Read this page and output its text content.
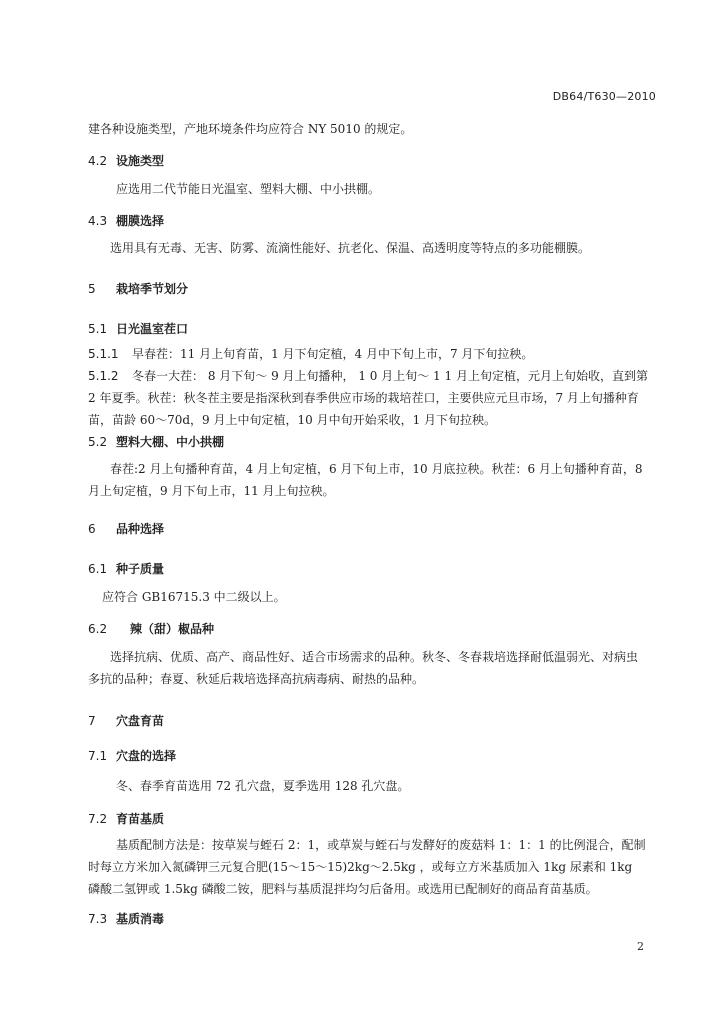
DB64/T630—2010

建各种设施类型，产地环境条件均应符合 NY 5010 的规定。

4.2 设施类型

应选用二代节能日光温室、塑料大棚、中小拱棚。

4.3 棚膜选择

选用具有无毒、无害、防雾、流滴性能好、抗老化、保温、高透明度等特点的多功能棚膜。

5 栽培季节划分
5.1 日光温室茬口

5.1.1 早春茬：11 月上旬育苗，1 月下旬定植，4 月中下旬上市，7 月下旬拉秧。

5.1.2 冬春一大茬： 8 月下旬～ 9 月上旬播种， 1 0 月上旬～ 1 1 月上旬定植，元月上旬始收，直到第 2 年夏季。秋茬：秋冬茬主要是指深秋到春季供应市场的栽培茬口，主要供应元旦市场，7 月上旬播种育苗，苗龄 60～70d，9 月上中旬定植，10 月中旬开始采收，1 月下旬拉秧。

5.2 塑料大棚、中小拱棚

春茬:2 月上旬播种育苗，4 月上旬定植，6 月下旬上市，10 月底拉秧。秋茬：6 月上旬播种育苗，8 月上旬定植，9 月下旬上市，11 月上旬拉秧。

6 品种选择
6.1 种子质量

应符合 GB16715.3 中二级以上。

6.2 辣（甜）椒品种

选择抗病、优质、高产、商品性好、适合市场需求的品种。秋冬、冬春栽培选择耐低温弱光、对病虫多抗的品种；春夏、秋延后栽培选择高抗病毒病、耐热的品种。

7 穴盘育苗
7.1 穴盘的选择

冬、春季育苗选用 72 孔穴盘，夏季选用 128 孔穴盘。

7.2 育苗基质

基质配制方法是：按草炭与蛭石 2：1，或草炭与蛭石与发酵好的废菇料 1：1：1 的比例混合，配制时每立方米加入氮磷钾三元复合肥(15～15～15)2kg～2.5kg ，或每立方米基质加入 1kg 尿素和 1kg 磷酸二氢钾或 1.5kg 磷酸二铵，肥料与基质混拌均匀后备用。或选用已配制好的商品育苗基质。

7.3 基质消毒
2
